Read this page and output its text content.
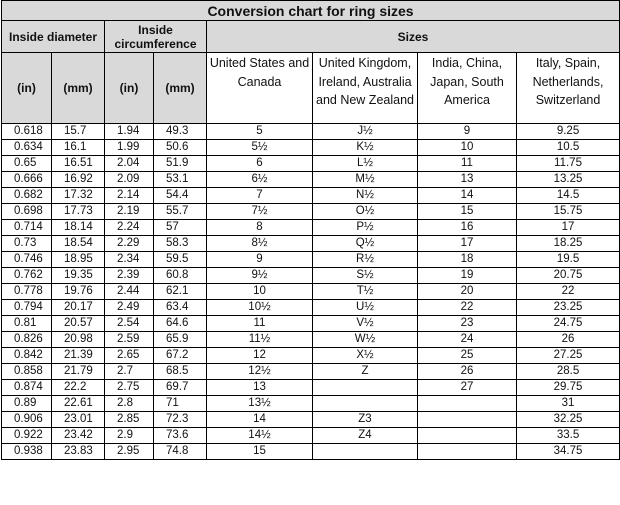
Conversion chart for ring sizes							
Inside diameter		Inside circumference		Sizes			
(in)	(mm)	(in)	(mm)	United States and Canada	United Kingdom, Ireland, Australia and New Zealand	India, China, Japan, South America	Italy, Spain, Netherlands, Switzerland
0.618	15.7	1.94	49.3	5	J½	9	9.25
0.634	16.1	1.99	50.6	5½	K½	10	10.5
0.65	16.51	2.04	51.9	6	L½	11	11.75
0.666	16.92	2.09	53.1	6½	M½	13	13.25
0.682	17.32	2.14	54.4	7	N½	14	14.5
0.698	17.73	2.19	55.7	7½	O½	15	15.75
0.714	18.14	2.24	57	8	P½	16	17
0.73	18.54	2.29	58.3	8½	Q½	17	18.25
0.746	18.95	2.34	59.5	9	R½	18	19.5
0.762	19.35	2.39	60.8	9½	S½	19	20.75
0.778	19.76	2.44	62.1	10	T½	20	22
0.794	20.17	2.49	63.4	10½	U½	22	23.25
0.81	20.57	2.54	64.6	11	V½	23	24.75
0.826	20.98	2.59	65.9	11½	W½	24	26
0.842	21.39	2.65	67.2	12	X½	25	27.25
0.858	21.79	2.7	68.5	12½	Z	26	28.5
0.874	22.2	2.75	69.7	13		27	29.75
0.89	22.61	2.8	71	13½			31
0.906	23.01	2.85	72.3	14	Z3		32.25
0.922	23.42	2.9	73.6	14½	Z4		33.5
0.938	23.83	2.95	74.8	15			34.75
